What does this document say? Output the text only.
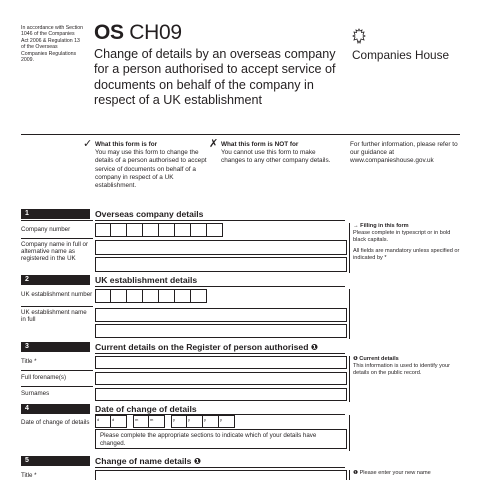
In accordance with Section 1046 of the Companies Act 2006 & Regulation 13 of the Overseas Companies Regulations 2009.
OS CH09
Change of details by an overseas company for a person authorised to accept service of documents on behalf of the company in respect of a UK establishment
Companies House
✓ What this form is for
You may use this form to change the details of a person authorised to accept service of documents on behalf of a company in respect of a UK establishment.
✗ What this form is NOT for
You cannot use this form to make changes to any other company details.
For further information, please refer to our guidance at www.companieshouse.gov.uk
1	Overseas company details
Company number
Company name in full or alternative name as registered in the UK
→ Filling in this form
Please complete in typescript or in bold black capitals.
All fields are mandatory unless specified or indicated by *
2	UK establishment details
UK establishment number
UK establishment name in full
3	Current details on the Register of person authorised ❶
Title *
Full forename(s)
Surnames
❶ Current details
This information is used to identify your details on the public record.
4	Date of change of details
Date of change of details	d	d	m	m	y	y	y	y
Please complete the appropriate sections to indicate which of your details have changed.
5	Change of name details ❶
Title *	❶ Please enter your new name
